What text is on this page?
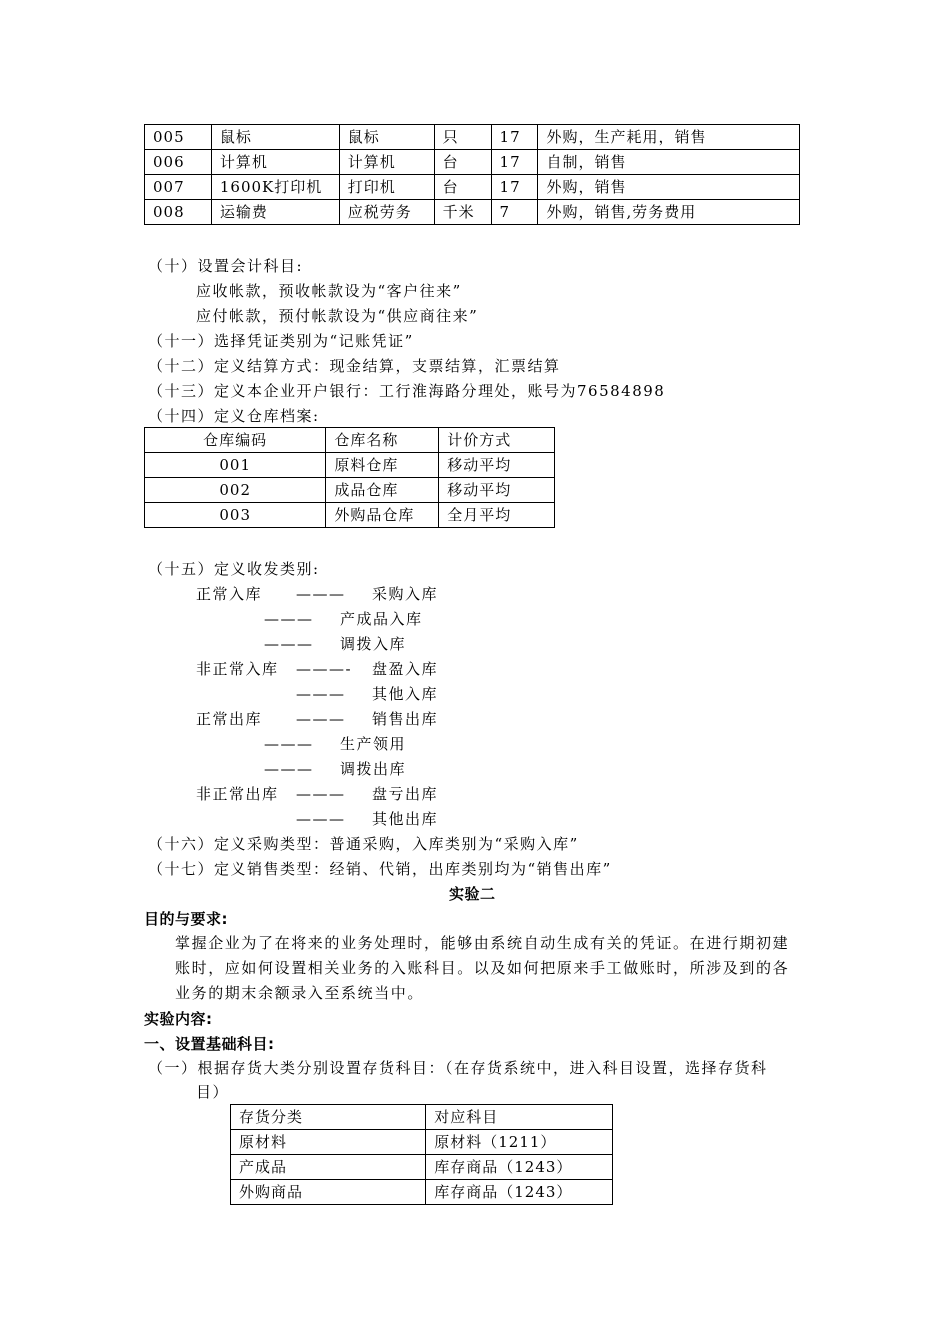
005	鼠标	鼠标	只	17	外购，生产耗用，销售
006	计算机	计算机	台	17	自制，销售
007	1600K打印机	打印机	台	17	外购，销售
008	运输费	应税劳务	千米	7	外购，销售,劳务费用
（十）设置会计科目:
应收帐款，预收帐款设为“客户往来”
应付帐款，预付帐款设为“供应商往来”
（十一）选择凭证类别为“记账凭证”
（十二）定义结算方式：现金结算，支票结算，汇票结算
（十三）定义本企业开户银行：工行淮海路分理处，账号为76584898
（十四）定义仓库档案:
仓库编码	仓库名称	计价方式
001	原料仓库	移动平均
002	成品仓库	移动平均
003	外购品仓库	全月平均
（十五）定义收发类别:
正常入库 ——— 采购入库
——— 产成品入库
——— 调拨入库
非正常入库 ———- 盘盈入库
——— 其他入库
正常出库 ——— 销售出库
——— 生产领用
——— 调拨出库
非正常出库 ——— 盘亏出库
——— 其他出库
（十六）定义采购类型：普通采购，入库类别为“采购入库”
（十七）定义销售类型：经销、代销，出库类别均为“销售出库”
实验二
目的与要求:
掌握企业为了在将来的业务处理时，能够由系统自动生成有关的凭证。在进行期初建账时，应如何设置相关业务的入账科目。以及如何把原来手工做账时，所涉及到的各业务的期末余额录入至系统当中。
实验内容:
一、设置基础科目:
（一）根据存货大类分别设置存货科目：（在存货系统中，进入科目设置，选择存货科
目）
存货分类	对应科目
原材料	原材料（1211）
产成品	库存商品（1243）
外购商品	库存商品（1243）
